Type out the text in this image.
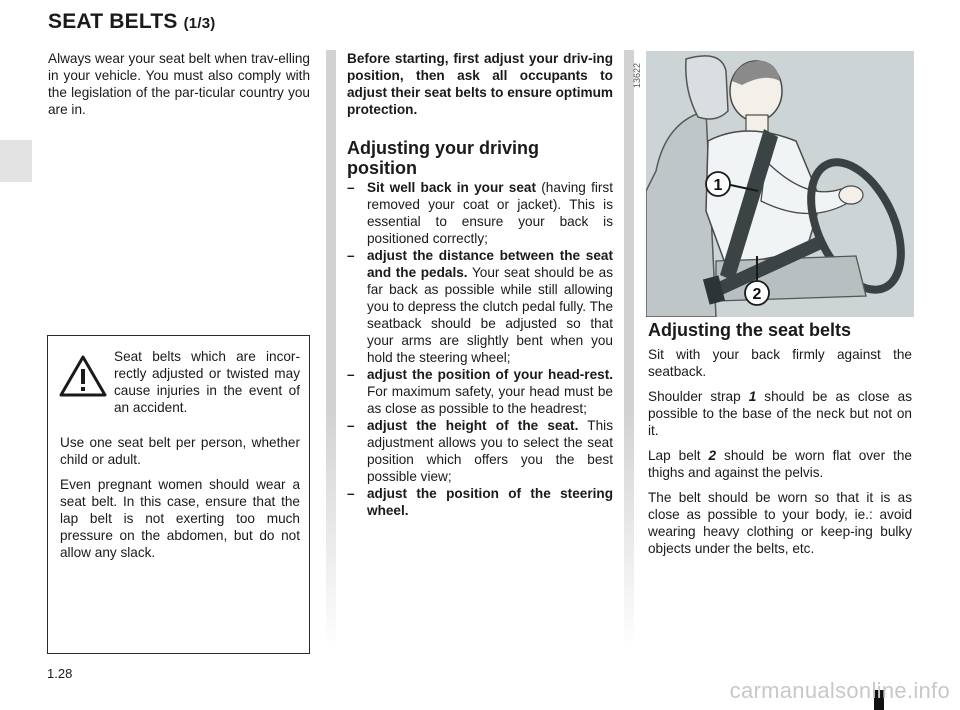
SEAT BELTS (1/3)

Always wear your seat belt when trav-elling in your vehicle. You must also comply with the legislation of the par-ticular country you are in.

Seat belts which are incor-rectly adjusted or twisted may cause injuries in the event of an accident.

Use one seat belt per person, whether child or adult.

Even pregnant women should wear a seat belt. In this case, ensure that the lap belt is not exerting too much pressure on the abdomen, but do not allow any slack.

Before starting, first adjust your driv-ing position, then ask all occupants to adjust their seat belts to ensure optimum protection.

Adjusting your driving position
– Sit well back in your seat (having first removed your coat or jacket). This is essential to ensure your back is positioned correctly;
– adjust the distance between the seat and the pedals. Your seat should be as far back as possible while still allowing you to depress the clutch pedal fully. The seatback should be adjusted so that your arms are slightly bent when you hold the steering wheel;
– adjust the position of your head-rest. For maximum safety, your head must be as close as possible to the headrest;
– adjust the height of the seat. This adjustment allows you to select the seat position which offers you the best possible view;
– adjust the position of the steering wheel.
13622
1
2
Adjusting the seat belts

Sit with your back firmly against the seatback.

Shoulder strap 1 should be as close as possible to the base of the neck but not on it.

Lap belt 2 should be worn flat over the thighs and against the pelvis.

The belt should be worn so that it is as close as possible to your body, ie.: avoid wearing heavy clothing or keep-ing bulky objects under the belts, etc.

1.28
carmanualsonline.info
